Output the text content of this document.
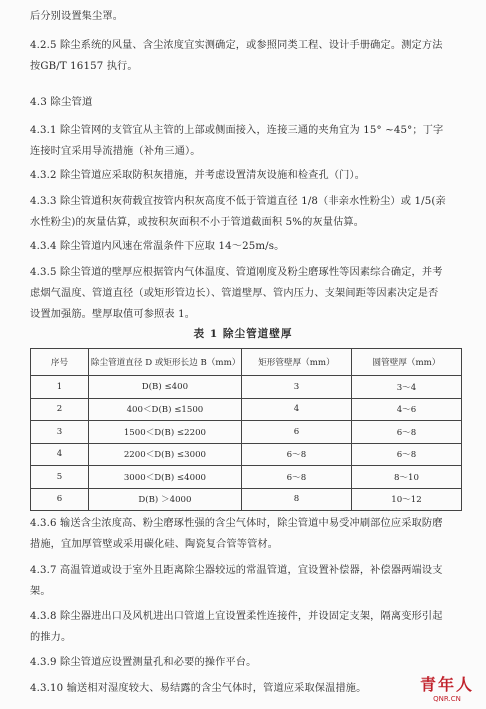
后分别设置集尘罩。
4.2.5 除尘系统的风量、含尘浓度宜实测确定，或参照同类工程、设计手册确定。测定方法
按GB/T 16157 执行。
4.3 除尘管道
4.3.1 除尘管网的支管宜从主管的上部或侧面接入，连接三通的夹角宜为 15° ~45°；丁字
连接时宜采用导流措施（补角三通）。
4.3.2 除尘管道应采取防积灰措施，并考虑设置清灰设施和检查孔（门）。
4.3.3 除尘管道积灰荷载宜按管内积灰高度不低于管道直径 1/8（非亲水性粉尘）或 1/5(亲
水性粉尘)的灰量估算，或按积灰面积不小于管道截面积 5%的灰量估算。
4.3.4 除尘管道内风速在常温条件下应取 14～25m/s。
4.3.5 除尘管道的壁厚应根据管内气体温度、管道刚度及粉尘磨琢性等因素综合确定，并考
虑烟气温度、管道直径（或矩形管边长）、管道壁厚、管内压力、支架间距等因素决定是否
表 1 除尘管道壁厚
序号	除尘管道直径 D 或矩形长边 B（mm）	矩形管壁厚（mm）	圆管壁厚（mm）
1	D(B) ≤400	3	3～4
2	400＜D(B) ≤1500	4	4～6
3	1500＜D(B) ≤2200	6	6～8
4	2200＜D(B) ≤3000	6～8	6～8
5	3000＜D(B) ≤4000	6～8	8～10
6	D(B) ＞4000	8	10～12
4.3.6 输送含尘浓度高、粉尘磨琢性强的含尘气体时，除尘管道中易受冲刷部位应采取防磨
措施，宜加厚管壁或采用碳化硅、陶瓷复合管等管材。
4.3.7 高温管道或设于室外且距离除尘器较远的常温管道，宜设置补偿器，补偿器两端设支
架。
4.3.8 除尘器进出口及风机进出口管道上宜设置柔性连接件，并设固定支架，隔离变形引起
的推力。
4.3.9 除尘管道应设置测量孔和必要的操作平台。
4.3.10 输送相对湿度较大、易结露的含尘气体时，管道应采取保温措施。	青年人
QNR.CN
设置加强筋。壁厚取值可参照表 1。
